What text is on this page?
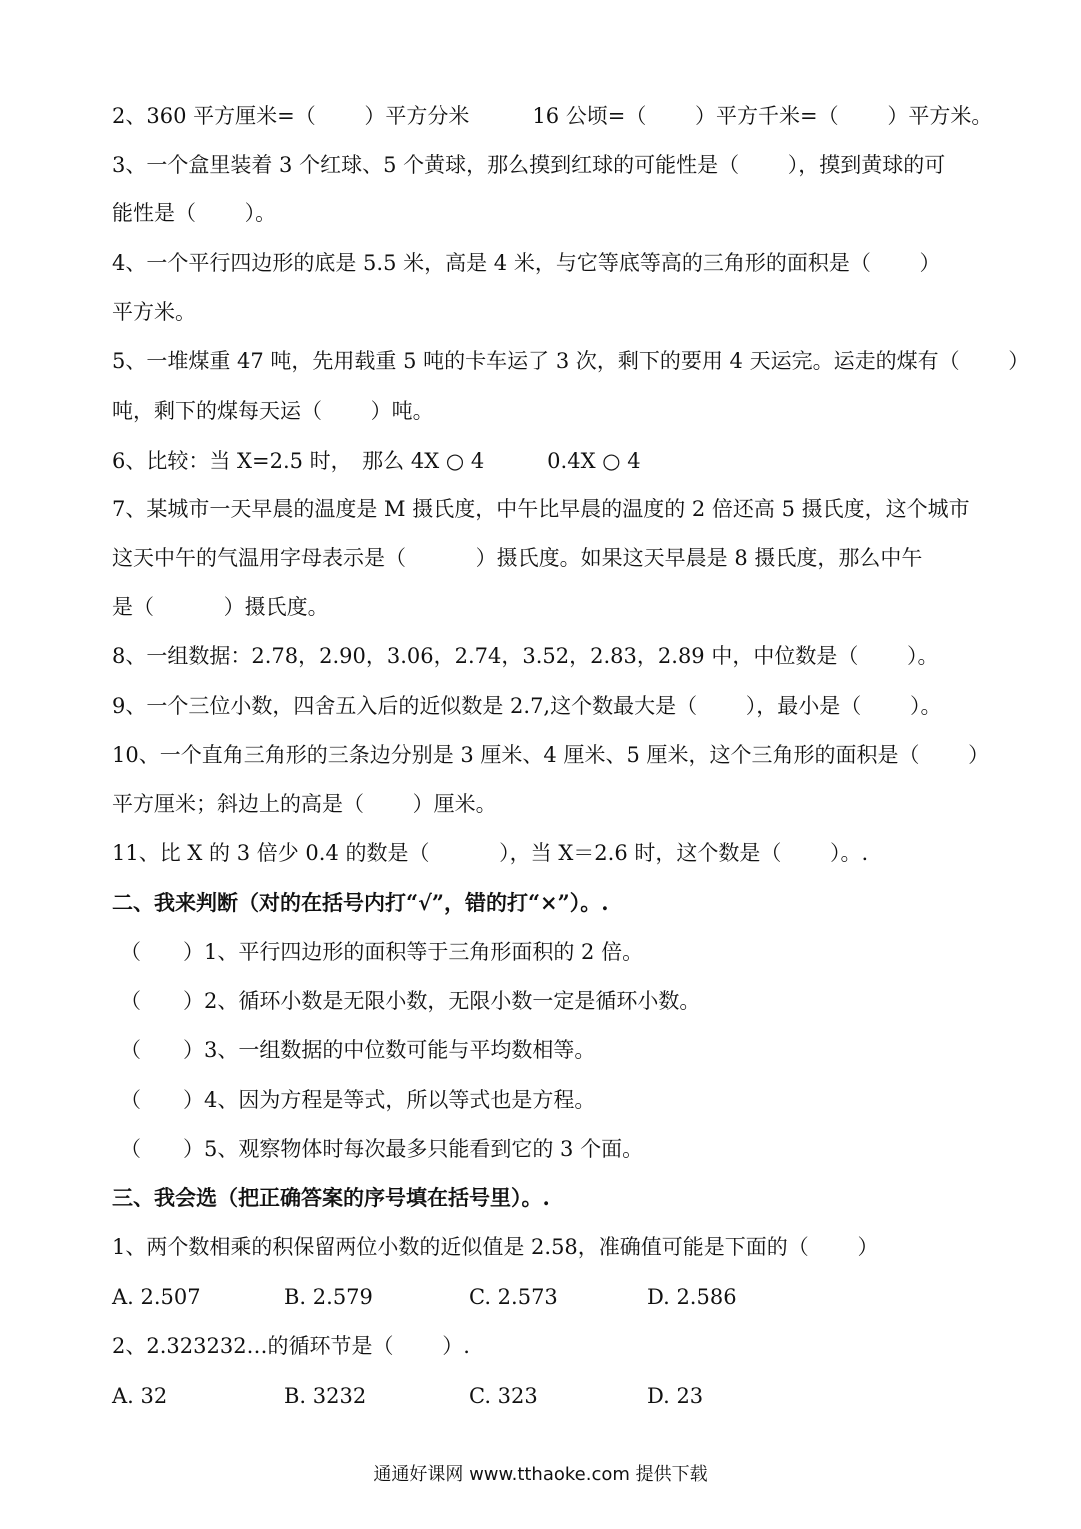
2、360 平方厘米=（　　 ）平方分米　　　16 公顷=（　　 ）平方千米=（　　 ）平方米。
3、一个盒里装着 3 个红球、5 个黄球，那么摸到红球的可能性是（　　 ），摸到黄球的可
能性是（　　 ）。
4、一个平行四边形的底是 5.5 米，高是 4 米，与它等底等高的三角形的面积是（　　 ）
平方米。
5、一堆煤重 47 吨，先用载重 5 吨的卡车运了 3 次，剩下的要用 4 天运完。运走的煤有（　　 ）
吨，剩下的煤每天运（　　 ）吨。
6、比较：当 X=2.5 时，　那么 4X ○ 4　　　0.4X ○ 4
7、某城市一天早晨的温度是 M 摄氏度，中午比早晨的温度的 2 倍还高 5 摄氏度，这个城市
这天中午的气温用字母表示是（　　　 ）摄氏度。如果这天早晨是 8 摄氏度，那么中午
是（　　　 ）摄氏度。
8、一组数据：2.78，2.90，3.06，2.74，3.52，2.83，2.89 中，中位数是（　　 ）。
9、一个三位小数，四舍五入后的近似数是 2.7,这个数最大是（　　 ），最小是（　　 ）。
10、一个直角三角形的三条边分别是 3 厘米、4 厘米、5 厘米，这个三角形的面积是（　　 ）
平方厘米；斜边上的高是（　　 ）厘米。
11、比 X 的 3 倍少 0.4 的数是（　　　 ），当 X＝2.6 时，这个数是（　　 ）。.
二、我来判断（对的在括号内打“√”，错的打“×”）。.
（　　）1、平行四边形的面积等于三角形面积的 2 倍。
（　　）2、循环小数是无限小数，无限小数一定是循环小数。
（　　）3、一组数据的中位数可能与平均数相等。
（　　）4、因为方程是等式，所以等式也是方程。
（　　）5、观察物体时每次最多只能看到它的 3 个面。
三、我会选（把正确答案的序号填在括号里）。.
1、两个数相乘的积保留两位小数的近似值是 2.58，准确值可能是下面的（　　 ）
A. 2.507	B. 2.579	C. 2.573	D. 2.586
2、2.323232…的循环节是（　　 ）.
A. 32	B. 3232	C. 323	D. 23
通通好课网 www.tthaoke.com 提供下载
